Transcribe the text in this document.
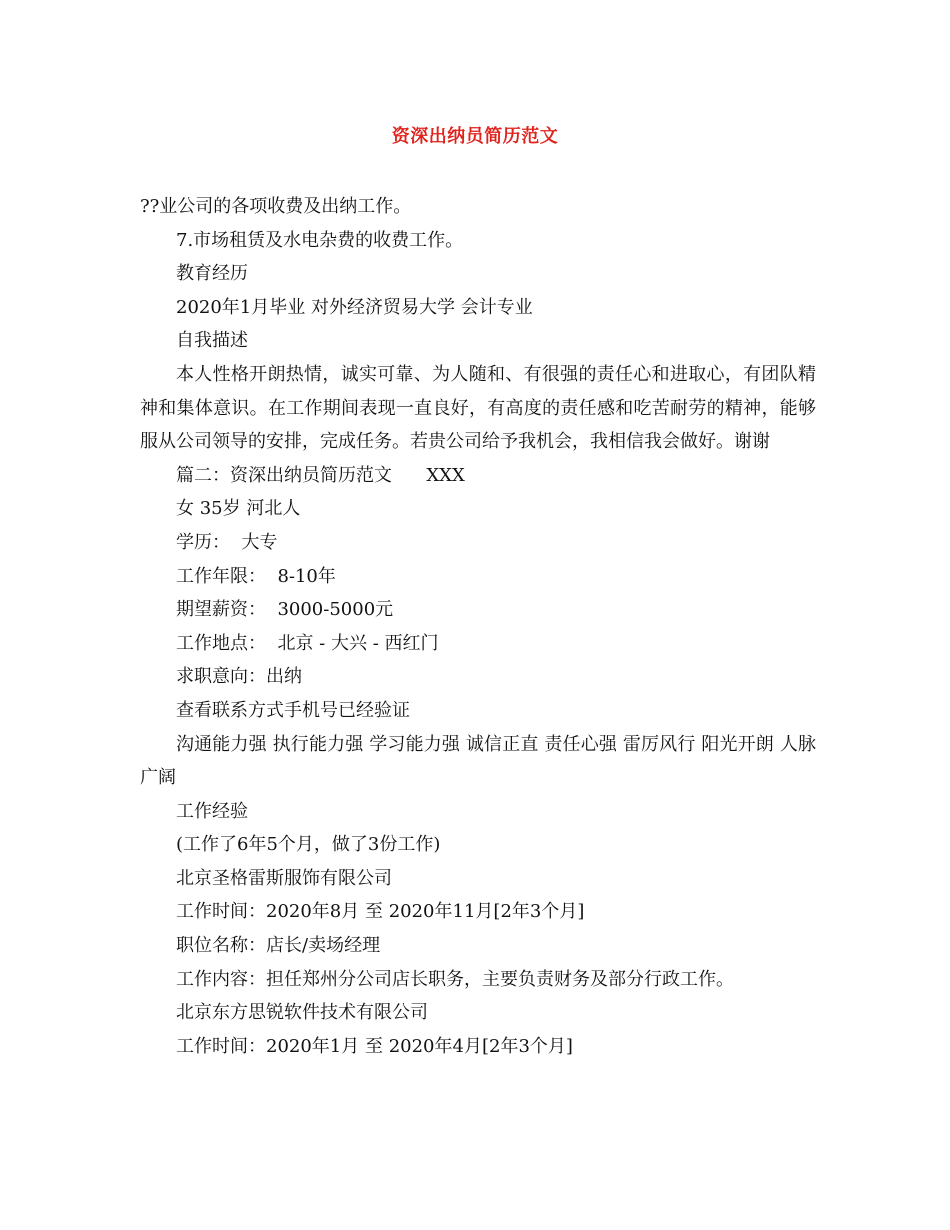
资深出纳员简历范文

??业公司的各项收费及出纳工作。

7.市场租赁及水电杂费的收费工作。

教育经历

2020年1月毕业 对外经济贸易大学 会计专业

自我描述

本人性格开朗热情，诚实可靠、为人随和、有很强的责任心和进取心，有团队精神和集体意识。在工作期间表现一直良好，有高度的责任感和吃苦耐劳的精神，能够服从公司领导的安排，完成任务。若贵公司给予我机会，我相信我会做好。谢谢

篇二：资深出纳员简历范文      XXX

女 35岁 河北人

学历：  大专

工作年限：  8-10年

期望薪资：  3000-5000元

工作地点：  北京 - 大兴 - 西红门

求职意向：出纳

查看联系方式手机号已经验证

沟通能力强 执行能力强 学习能力强 诚信正直 责任心强 雷厉风行 阳光开朗 人脉广阔

工作经验

(工作了6年5个月，做了3份工作)

北京圣格雷斯服饰有限公司

工作时间：2020年8月 至 2020年11月[2年3个月]

职位名称：店长/卖场经理

工作内容：担任郑州分公司店长职务，主要负责财务及部分行政工作。

北京东方思锐软件技术有限公司

工作时间：2020年1月 至 2020年4月[2年3个月]
